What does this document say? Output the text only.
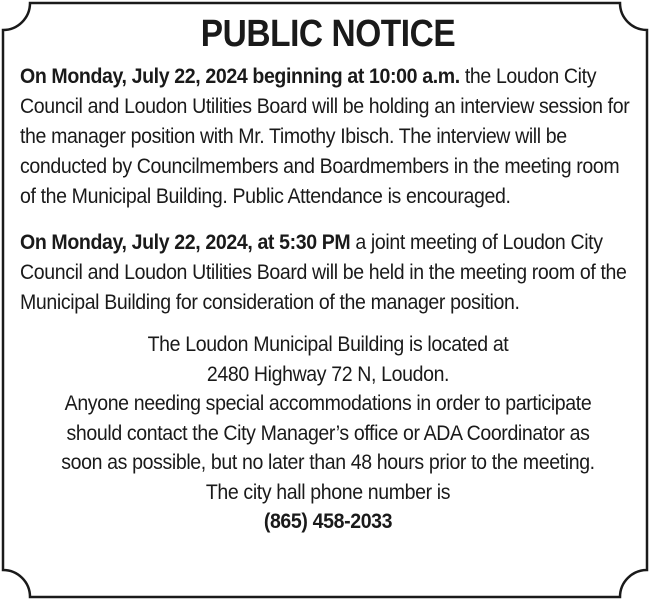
PUBLIC NOTICE

On Monday, July 22, 2024 beginning at 10:00 a.m. the Loudon City Council and Loudon Utilities Board will be holding an interview session for the manager position with Mr. Timothy Ibisch. The interview will be conducted by Councilmembers and Boardmembers in the meeting room of the Municipal Building. Public Attendance is encouraged.

On Monday, July 22, 2024, at 5:30 PM a joint meeting of Loudon City Council and Loudon Utilities Board will be held in the meeting room of the Municipal Building for consideration of the manager position.

The Loudon Municipal Building is located at
2480 Highway 72 N, Loudon.
Anyone needing special accommodations in order to participate
should contact the City Manager’s office or ADA Coordinator as
soon as possible, but no later than 48 hours prior to the meeting.
The city hall phone number is
(865) 458-2033
